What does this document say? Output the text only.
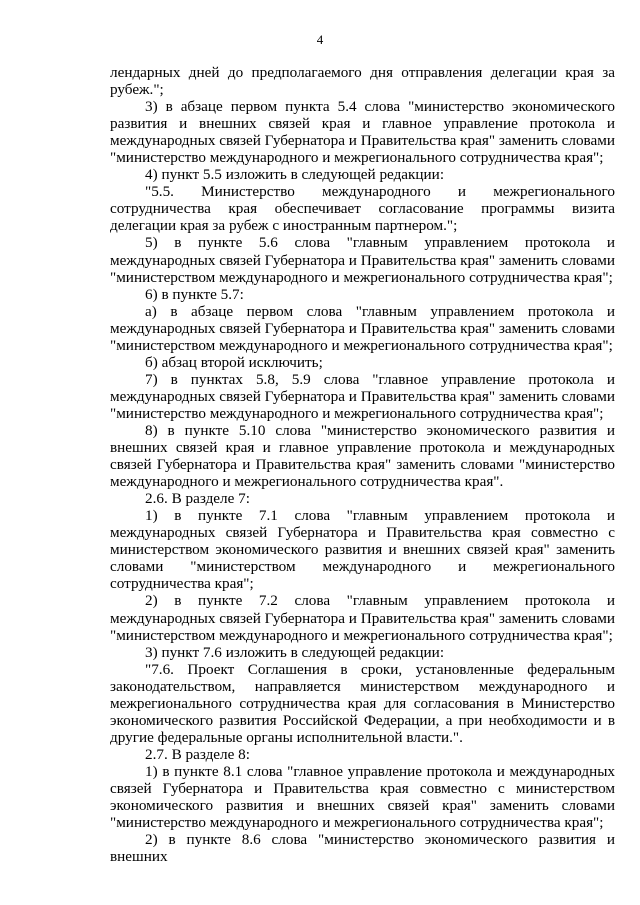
4

лендарных дней до предполагаемого дня отправления делегации края за рубеж.";

3) в абзаце первом пункта 5.4 слова "министерство экономического развития и внешних связей края и главное управление протокола и международных связей Губернатора и Правительства края" заменить словами "министерство международного и межрегионального сотрудничества края";

4) пункт 5.5 изложить в следующей редакции:

"5.5. Министерство международного и межрегионального сотрудничества края обеспечивает согласование программы визита делегации края за рубеж с иностранным партнером.";

5) в пункте 5.6 слова "главным управлением протокола и международных связей Губернатора и Правительства края" заменить словами "министерством международного и межрегионального сотрудничества края";

6) в пункте 5.7:

а) в абзаце первом слова "главным управлением протокола и международных связей Губернатора и Правительства края" заменить словами "министерством международного и межрегионального сотрудничества края";

б) абзац второй исключить;

7) в пунктах 5.8, 5.9 слова "главное управление протокола и международных связей Губернатора и Правительства края" заменить словами "министерство международного и межрегионального сотрудничества края";

8) в пункте 5.10 слова "министерство экономического развития и внешних связей края и главное управление протокола и международных связей Губернатора и Правительства края" заменить словами "министерство международного и межрегионального сотрудничества края".

2.6. В разделе 7:

1) в пункте 7.1 слова "главным управлением протокола и международных связей Губернатора и Правительства края совместно с министерством экономического развития и внешних связей края" заменить словами "министерством международного и межрегионального сотрудничества края";

2) в пункте 7.2 слова "главным управлением протокола и международных связей Губернатора и Правительства края" заменить словами "министерством международного и межрегионального сотрудничества края";

3) пункт 7.6 изложить в следующей редакции:

"7.6. Проект Соглашения в сроки, установленные федеральным законодательством, направляется министерством международного и межрегионального сотрудничества края для согласования в Министерство экономического развития Российской Федерации, а при необходимости и в другие федеральные органы исполнительной власти.".

2.7. В разделе 8:

1) в пункте 8.1 слова "главное управление протокола и международных связей Губернатора и Правительства края совместно с министерством экономического развития и внешних связей края" заменить словами "министерство международного и межрегионального сотрудничества края";

2) в пункте 8.6 слова "министерство экономического развития и внешних
